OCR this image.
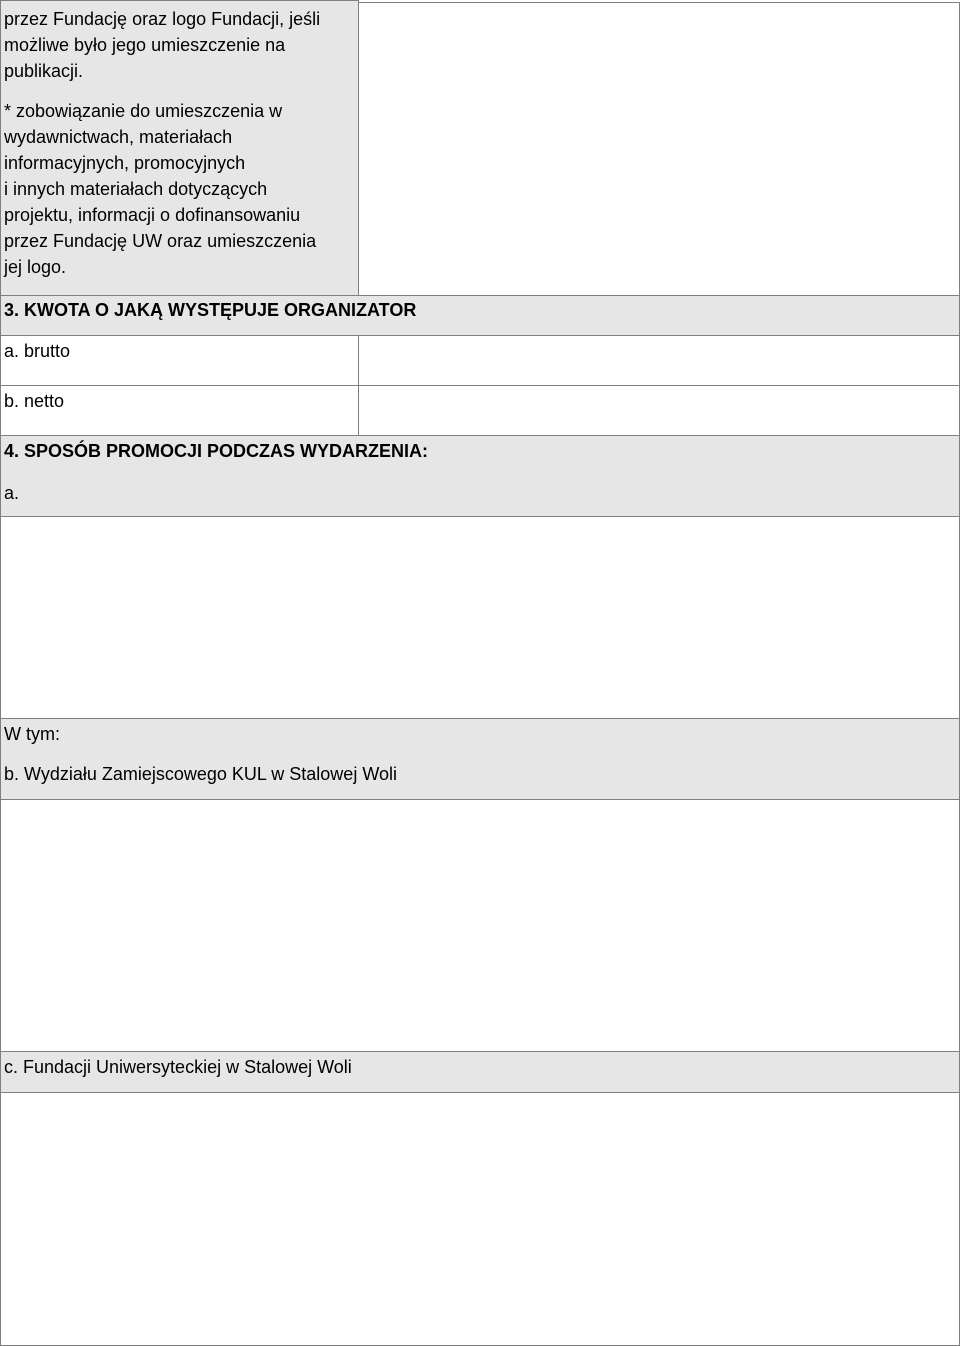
przez Fundację oraz logo Fundacji, jeśli
możliwe było jego umieszczenie na
publikacji.
* zobowiązanie do umieszczenia w
wydawnictwach, materiałach
informacyjnych, promocyjnych
i innych materiałach dotyczących
projektu, informacji o dofinansowaniu
przez Fundację UW oraz umieszczenia
jej logo.
3. KWOTA O JAKĄ WYSTĘPUJE ORGANIZATOR
a. brutto
b. netto
4. SPOSÓB PROMOCJI PODCZAS WYDARZENIA:
a.
W tym:
b. Wydziału Zamiejscowego KUL w Stalowej Woli
c. Fundacji Uniwersyteckiej w Stalowej Woli
